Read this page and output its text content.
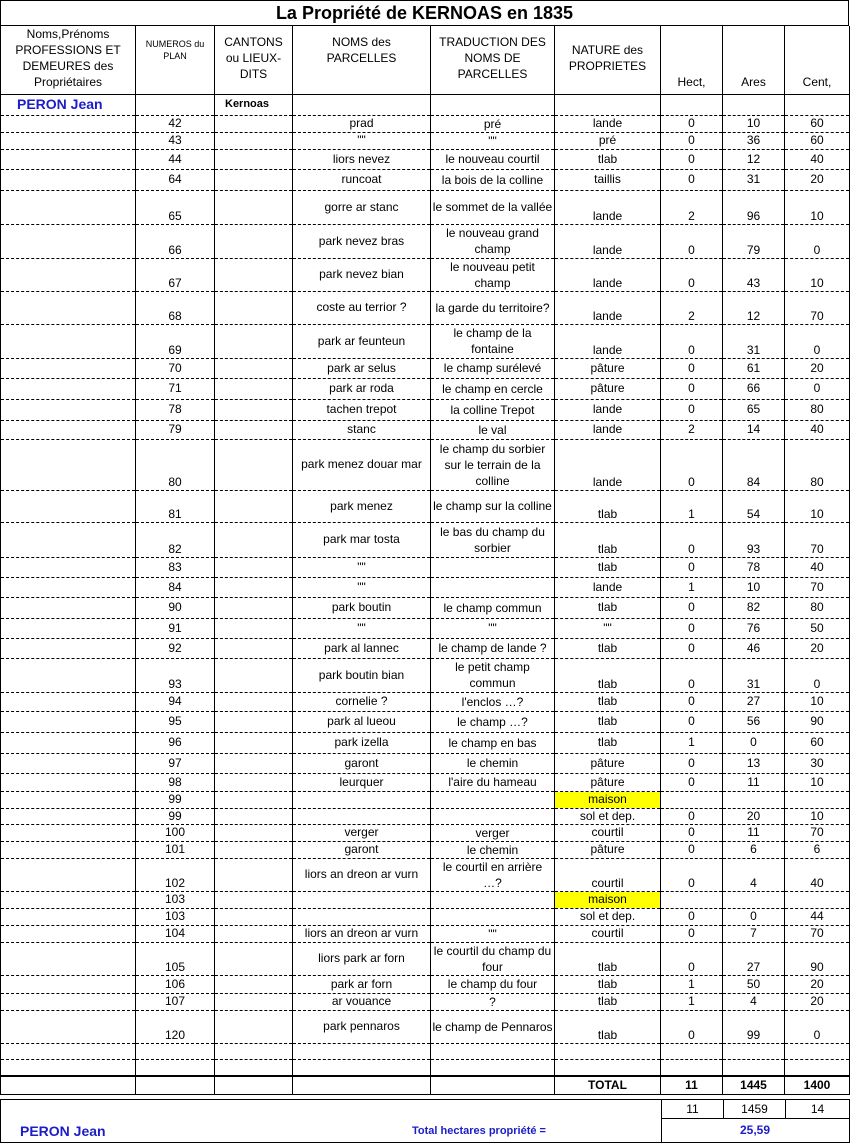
La Propriété de KERNOAS en 1835
Noms,Prénoms PROFESSIONS ET DEMEURES des Propriétaires	NUMEROS du PLAN	CANTONS ou LIEUX-DITS	NOMS des PARCELLES	TRADUCTION DES NOMS DE PARCELLES	NATURE des PROPRIETES	Hect,	Ares	Cent,
PERON Jean		Kernoas						
	42		prad	pré	lande	0	10	60
	43		""	""	pré	0	36	60
	44		liors nevez	le nouveau courtil	tlab	0	12	40
	64		runcoat	la bois de la colline	taillis	0	31	20
	65		gorre ar stanc	le sommet de la vallée	lande	2	96	10
	66		park nevez bras	le nouveau grand champ	lande	0	79	0
	67		park nevez bian	le nouveau petit champ	lande	0	43	10
	68		coste au terrior ?	la garde du territoire?	lande	2	12	70
	69		park ar feunteun	le champ de la fontaine	lande	0	31	0
	70		park ar selus	le champ surélevé	pâture	0	61	20
	71		park ar roda	le champ en cercle	pâture	0	66	0
	78		tachen trepot	la colline Trepot	lande	0	65	80
	79		stanc	le val	lande	2	14	40
	80		park menez douar mar	le champ du sorbier sur le terrain de la colline	lande	0	84	80
	81		park menez	le champ sur la colline	tlab	1	54	10
	82		park mar tosta	le bas du champ du sorbier	tlab	0	93	70
	83		""		tlab	0	78	40
	84		""		lande	1	10	70
	90		park boutin	le champ commun	tlab	0	82	80
	91		""	""	""	0	76	50
	92		park al lannec	le champ de lande ?	tlab	0	46	20
	93		park boutin bian	le petit champ commun	tlab	0	31	0
	94		cornelie ?	l'enclos …?	tlab	0	27	10
	95		park al lueou	le champ …?	tlab	0	56	90
	96		park izella	le champ en bas	tlab	1	0	60
	97		garont	le chemin	pâture	0	13	30
	98		leurquer	l'aire du hameau	pâture	0	11	10
	99				maison			
	99				sol et dep.	0	20	10
	100		verger	verger	courtil	0	11	70
	101		garont	le chemin	pâture	0	6	6
	102		liors an dreon ar vurn	le courtil en arrière …?	courtil	0	4	40
	103				maison			
	103				sol et dep.	0	0	44
	104		liors an dreon ar vurn	""	courtil	0	7	70
	105		liors park ar forn	le courtil du champ du four	tlab	0	27	90
	106		park ar forn	le champ du four	tlab	1	50	20
	107		ar vouance	?	tlab	1	4	20
	120		park pennaros	le champ de Pennaros	tlab	0	99	0

					TOTAL	11	1445	1400
11	1459	14
PERON Jean	Total hectares propriété =	25,59
